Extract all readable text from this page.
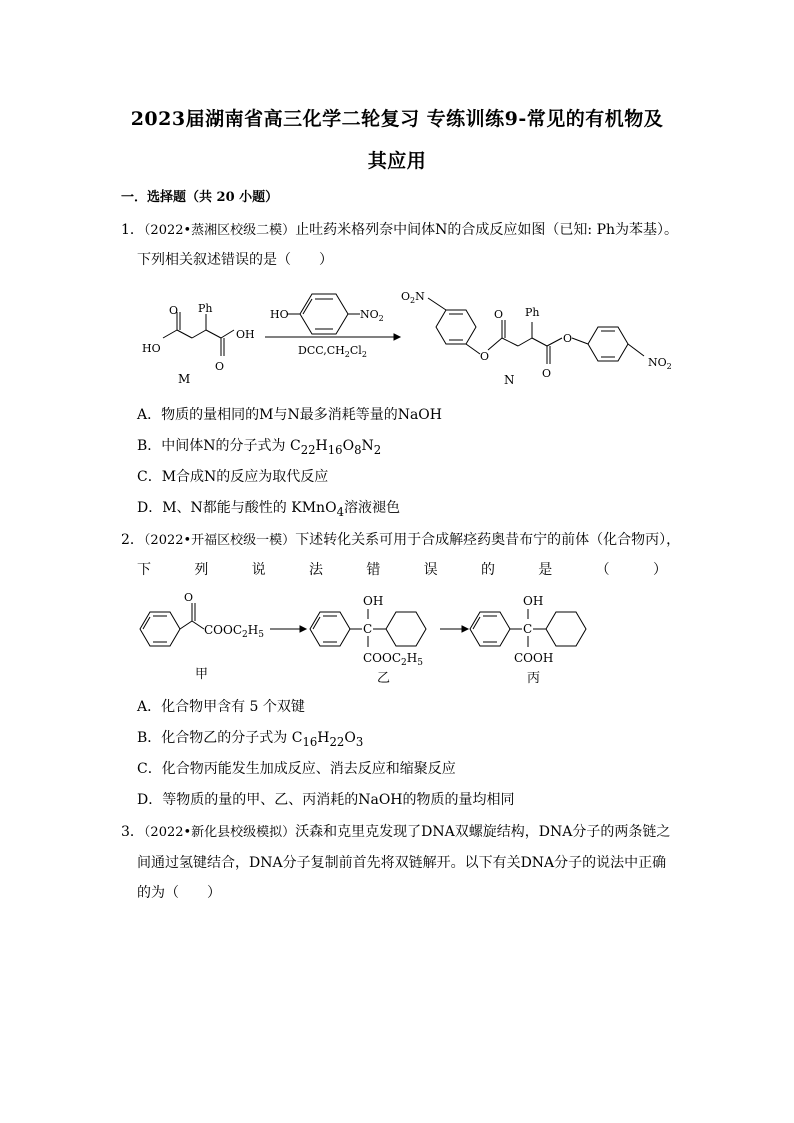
2023届湖南省高三化学二轮复习 专练训练9-常见的有机物及
其应用
一．选择题（共 20 小题）
1．（2022•蒸湘区校级二模）止吐药米格列奈中间体N的合成反应如图（已知: Ph为苯基）。
下列相关叙述错误的是（　　）
O
HO
Ph
OH
O
M
HO	$NO_2$
$DCC,CH_2Cl_2$
$O_2N$
O
O Ph
O
O
$NO_2$
N
A．物质的量相同的M与N最多消耗等量的NaOH
B．中间体N的分子式为 $C_{22}H_{16}O_8N_2$
C．M合成N的反应为取代反应
D．M、N都能与酸性的 KMnO$_4$溶液褪色
2．（2022•开福区校级一模）下述转化关系可用于合成解痉药奥昔布宁的前体（化合物丙），
下	列	说	法	错	误	的	是	（	）
O
$COOC_2H_5$
甲
OH
C
$COOC_2H_5$
乙
OH
C
COOH
丙
A．化合物甲含有 5 个双键
B．化合物乙的分子式为 $C_{16}H_{22}O_3$
C．化合物丙能发生加成反应、消去反应和缩聚反应
D．等物质的量的甲、乙、丙消耗的NaOH的物质的量均相同
3．（2022•新化县校级模拟）沃森和克里克发现了DNA双螺旋结构，DNA分子的两条链之
间通过氢键结合，DNA分子复制前首先将双链解开。以下有关DNA分子的说法中正确
的为（　　）
